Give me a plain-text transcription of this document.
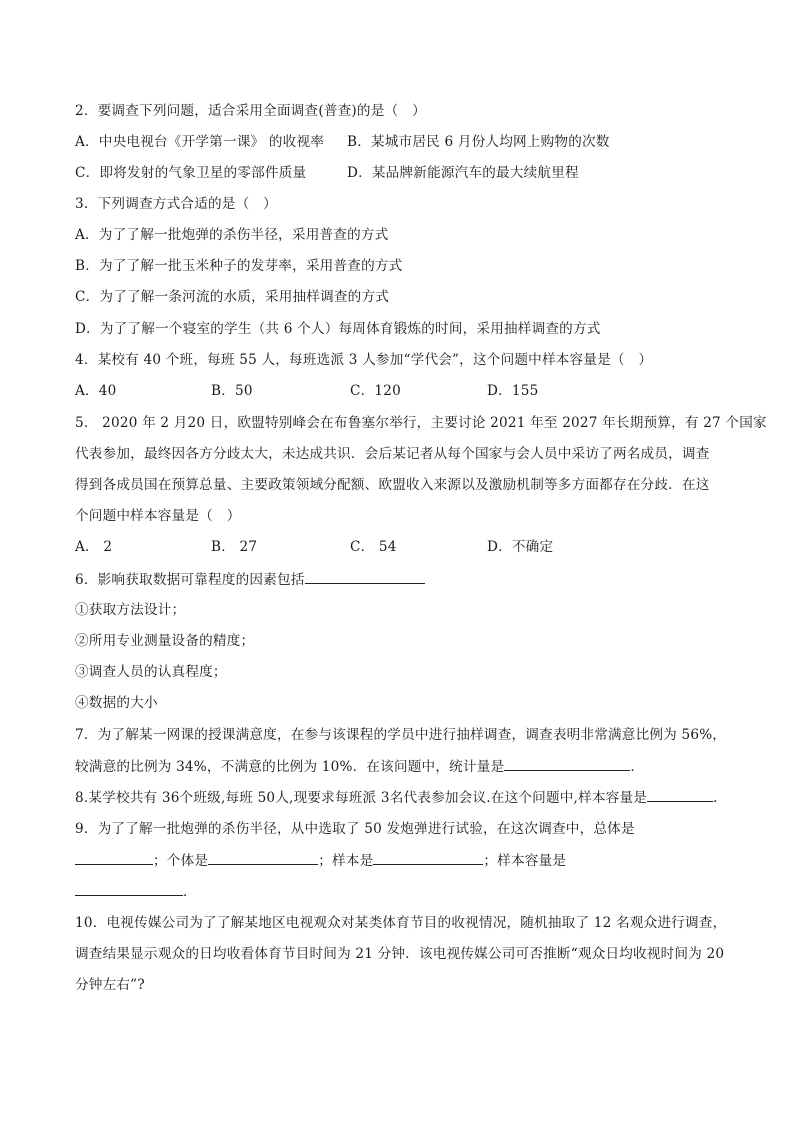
2．要调查下列问题，适合采用全面调查(普查)的是（　）
A．中央电视台《开学第一课》 的收视率 B．某城市居民 6 月份人均网上购物的次数
C．即将发射的气象卫星的零部件质量	D．某品牌新能源汽车的最大续航里程
3．下列调查方式合适的是（　）
A．为了了解一批炮弹的杀伤半径，采用普查的方式
B．为了了解一批玉米种子的发芽率，采用普查的方式
C．为了了解一条河流的水质，采用抽样调查的方式
D．为了了解一个寝室的学生（共 6 个人）每周体育锻炼的时间，采用抽样调查的方式
4．某校有 40 个班，每班 55 人，每班选派 3 人参加“学代会”，这个问题中样本容量是（　）
A．40	B．50	C．120	D．155
5． 2020 年 2 月20 日，欧盟特别峰会在布鲁塞尔举行，主要讨论 2021 年至 2027 年长期预算，有 27 个国家
代表参加，最终因各方分歧太大，未达成共识．会后某记者从每个国家与会人员中采访了两名成员，调查
得到各成员国在预算总量、主要政策领域分配额、欧盟收入来源以及激励机制等多方面都存在分歧．在这
个问题中样本容量是（　）
A． 2	B． 27	C． 54	D．不确定
6．影响获取数据可靠程度的因素包括
①获取方法设计；
②所用专业测量设备的精度；
③调查人员的认真程度；
④数据的大小
7．为了解某一网课的授课满意度，在参与该课程的学员中进行抽样调查，调查表明非常满意比例为 56%，
较满意的比例为 34%，不满意的比例为 10%．在该问题中，统计量是	．
8.某学校共有 36个班级,每班 50人,现要求每班派 3名代表参加会议.在这个问题中,样本容量是	.
9．为了了解一批炮弹的杀伤半径，从中选取了 50 发炮弹进行试验，在这次调查中，总体是
；个体是	；样本是	；样本容量是
．
10．电视传媒公司为了了解某地区电视观众对某类体育节目的收视情况，随机抽取了 12 名观众进行调查，
调查结果显示观众的日均收看体育节目时间为 21 分钟．该电视传媒公司可否推断“观众日均收视时间为 20
分钟左右”?
